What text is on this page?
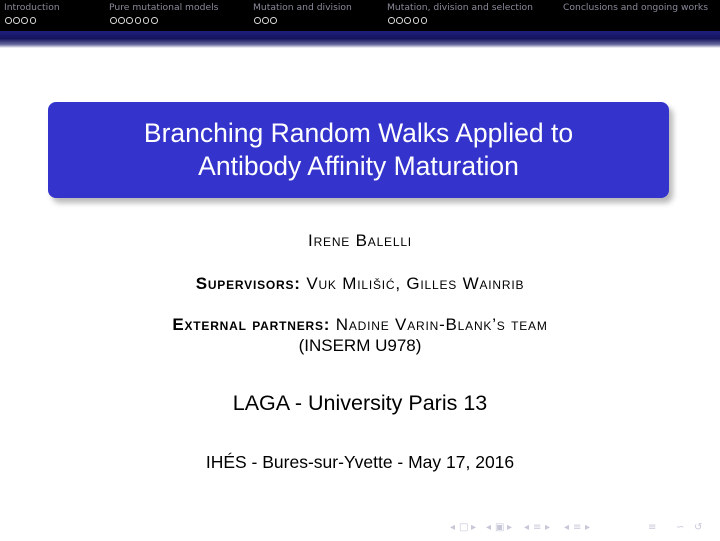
Introduction	Pure mutational models	Mutation and division	Mutation, division and selection	Conclusions and ongoing works
Branching Random Walks Applied to
Antibody Affinity Maturation
Irene Balelli
Supervisors: Vuk Milišić, Gilles Wainrib
External partners: Nadine Varin-Blank’s team
(INSERM U978)
LAGA - University Paris 13
IHÉS - Bures-sur-Yvette - May 17, 2016
◂ □ ▸ ◂ ▣ ▸ ◂ ≡ ▸ ◂ ≡ ▸	≡ ∽ ↺
